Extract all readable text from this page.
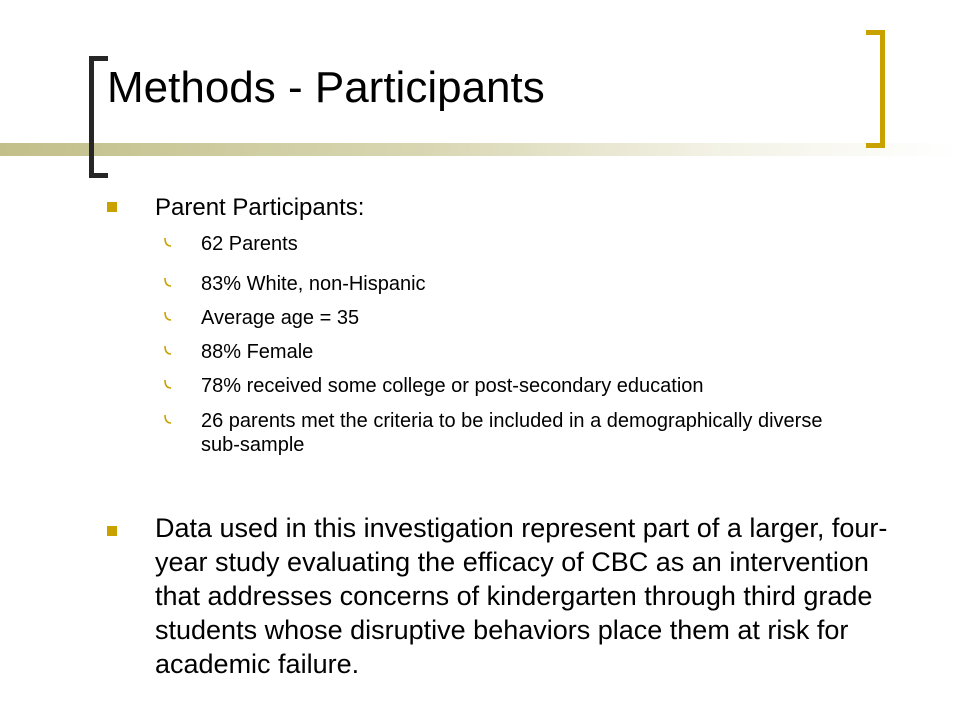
Methods - Participants
Parent Participants:
62 Parents
83% White, non-Hispanic
Average age = 35
88% Female
78% received some college or post-secondary education
26 parents met the criteria to be included in a demographically diverse sub-sample
Data used in this investigation represent part of a larger, four-year study evaluating the efficacy of CBC as an intervention that addresses concerns of kindergarten through third grade students whose disruptive behaviors place them at risk for academic failure.
